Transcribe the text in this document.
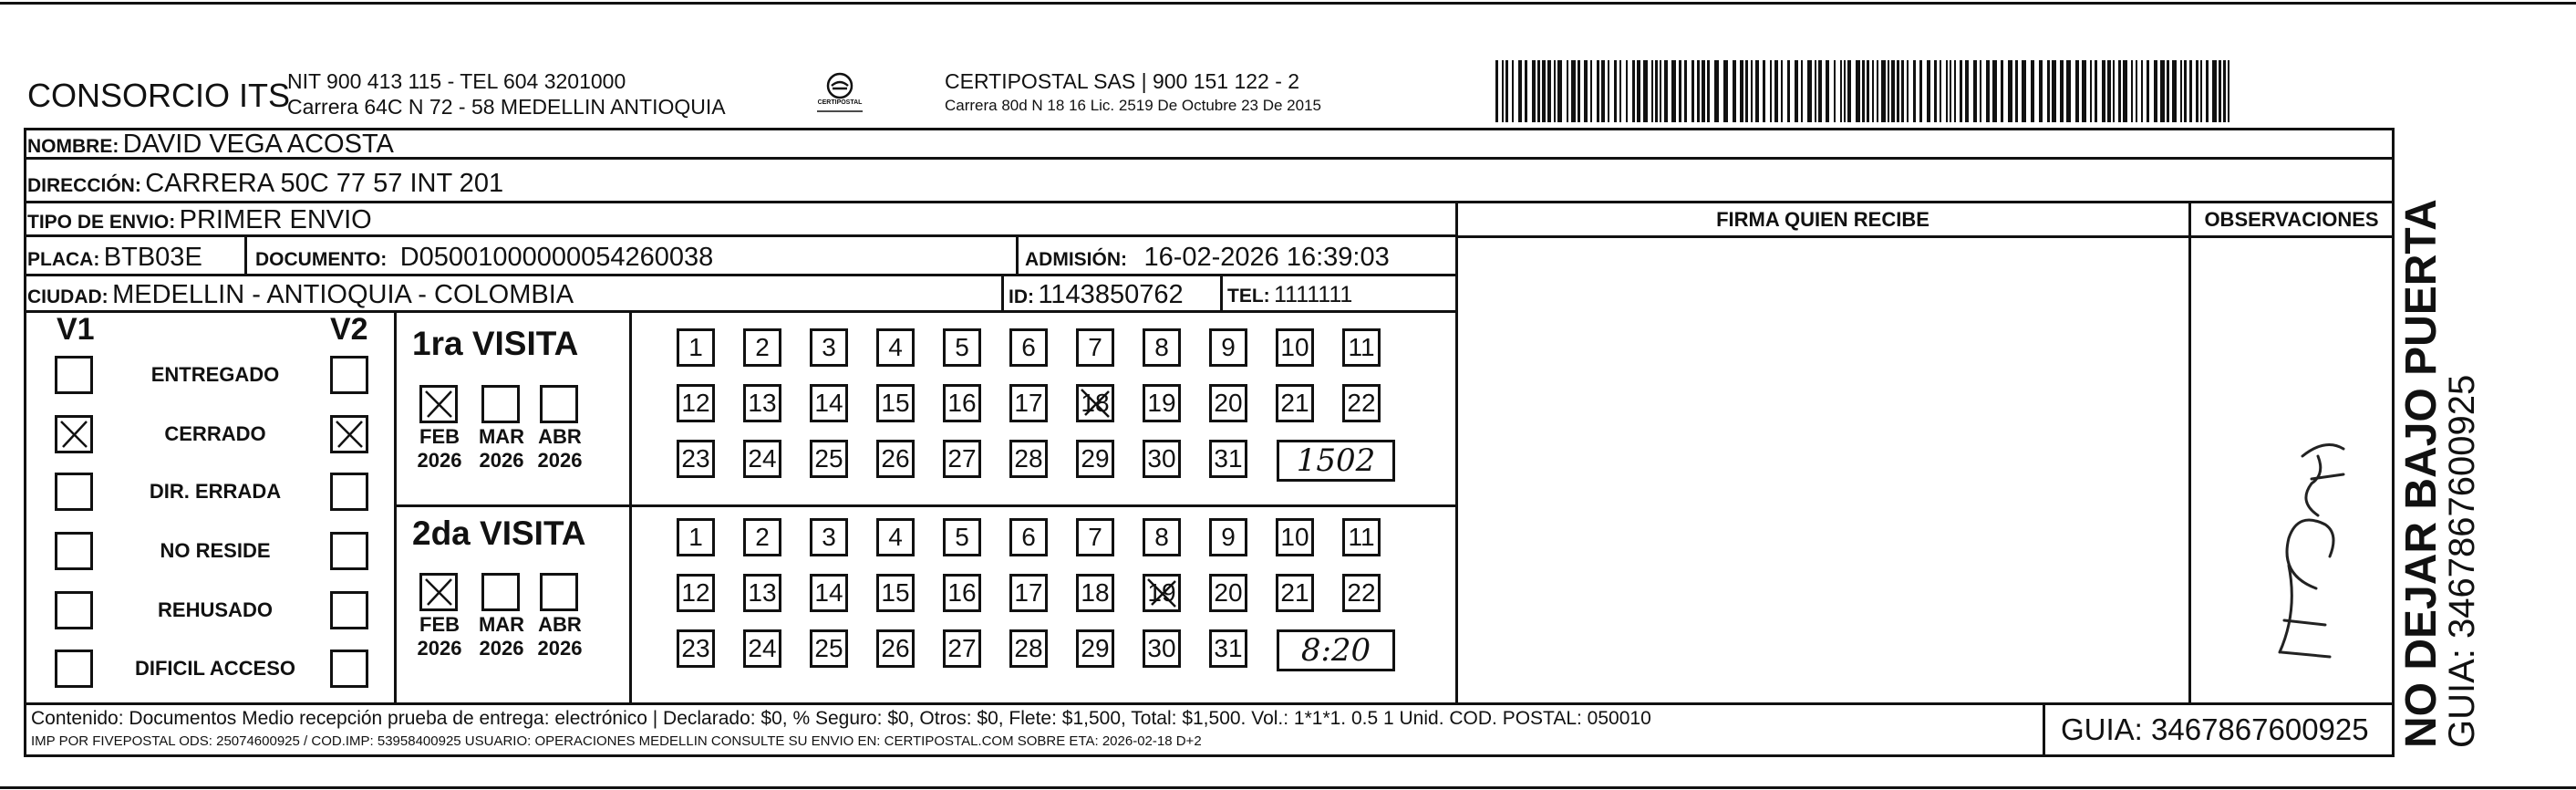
CONSORCIO ITS
NIT 900 413 115 - TEL 604 3201000
Carrera 64C N 72 - 58 MEDELLIN ANTIOQUIA	CERTIPOSTAL
CERTIPOSTAL SAS | 900 151 122 - 2
Carrera 80d N 18 16 Lic. 2519 De Octubre 23 De 2015
NOMBRE: DAVID VEGA ACOSTA
DIRECCIÓN: CARRERA 50C 77 57 INT 201
TIPO DE ENVIO: PRIMER ENVIO
PLACA: BTB03E	DOCUMENTO: D05001000000054260038	ADMISIÓN: 16-02-2026 16:39:03
CIUDAD: MEDELLIN - ANTIOQUIA - COLOMBIA	ID: 1143850762 TEL: 1111111
FIRMA QUIEN RECIBE	OBSERVACIONES
V1	V2
ENTREGADO
CERRADO
DIR. ERRADA
NO RESIDE
REHUSADO
DIFICIL ACCESO
1ra VISITA
FEB
2026
MAR
2026
ABR
2026
1	2	3	4	5	6	7	8	9	10 11
12 13 14 15 16 17 18 19 20 21 22
23 24 25 26 27 28 29 30 31	1502
2da VISITA
FEB
2026
MAR
2026
ABR
2026
1	2	3	4	5	6	7	8	9	10 11
12 13 14 15 16 17 18 19 20 21 22
23 24 25 26 27 28 29 30 31	8:20
Contenido: Documentos Medio recepción prueba de entrega: electrónico | Declarado: $0, % Seguro: $0, Otros: $0, Flete: $1,500, Total: $1,500. Vol.: 1*1*1. 0.5 1 Unid. COD. POSTAL: 050010
IMP POR FIVEPOSTAL ODS: 25074600925 / COD.IMP: 53958400925 USUARIO: OPERACIONES MEDELLIN CONSULTE SU ENVIO EN: CERTIPOSTAL.COM SOBRE ETA: 2026-02-18 D+2	GUIA: 3467867600925 NO DEJAR BAJO PUERTA
GUIA: 3467867600925
